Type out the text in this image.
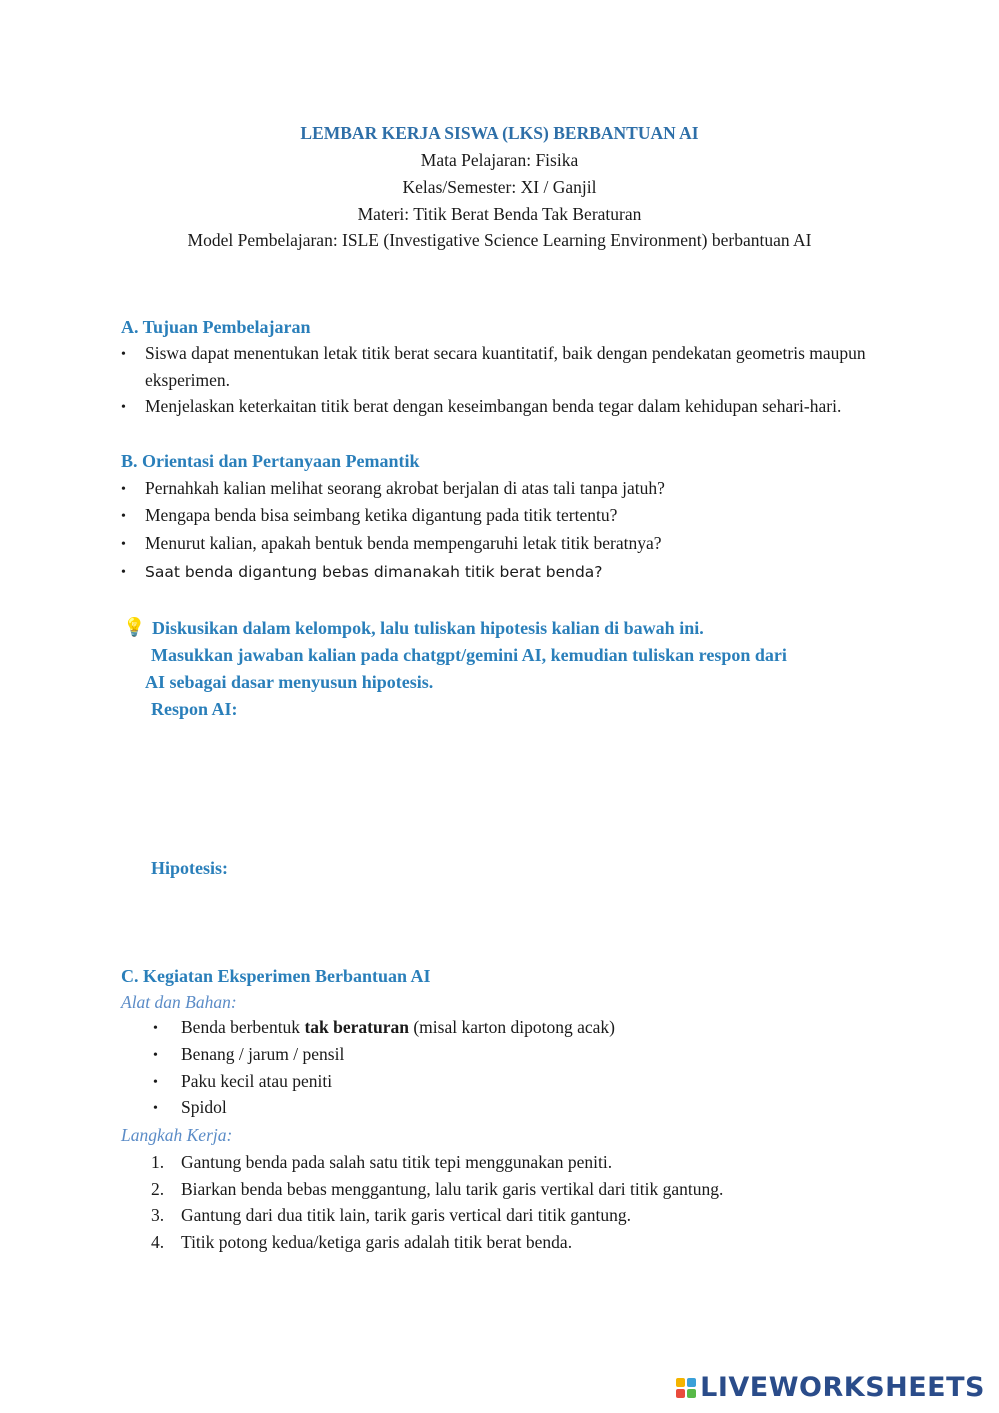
LEMBAR KERJA SISWA (LKS) BERBANTUAN AI

Mata Pelajaran: Fisika

Kelas/Semester: XI / Ganjil

Materi: Titik Berat Benda Tak Beraturan

Model Pembelajaran: ISLE (Investigative Science Learning Environment) berbantuan AI

A. Tujuan Pembelajaran

• Siswa dapat menentukan letak titik berat secara kuantitatif, baik dengan pendekatan geometris maupun eksperimen.

• Menjelaskan keterkaitan titik berat dengan keseimbangan benda tegar dalam kehidupan sehari-hari.

B. Orientasi dan Pertanyaan Pemantik

• Pernahkah kalian melihat seorang akrobat berjalan di atas tali tanpa jatuh?

• Mengapa benda bisa seimbang ketika digantung pada titik tertentu?

• Menurut kalian, apakah bentuk benda mempengaruhi letak titik beratnya?

• Saat benda digantung bebas dimanakah titik berat benda?

💡 Diskusikan dalam kelompok, lalu tuliskan hipotesis kalian di bawah ini.

Masukkan jawaban kalian pada chatgpt/gemini AI, kemudian tuliskan respon dari

AI sebagai dasar menyusun hipotesis.

Respon AI:

Hipotesis:

C. Kegiatan Eksperimen Berbantuan AI

Alat dan Bahan:

• Benda berbentuk tak beraturan (misal karton dipotong acak)

• Benang / jarum / pensil

• Paku kecil atau peniti

• Spidol

Langkah Kerja:

1. Gantung benda pada salah satu titik tepi menggunakan peniti.

2. Biarkan benda bebas menggantung, lalu tarik garis vertikal dari titik gantung.

3. Gantung dari dua titik lain, tarik garis vertical dari titik gantung.

4. Titik potong kedua/ketiga garis adalah titik berat benda.

LIVEWORKSHEETS
